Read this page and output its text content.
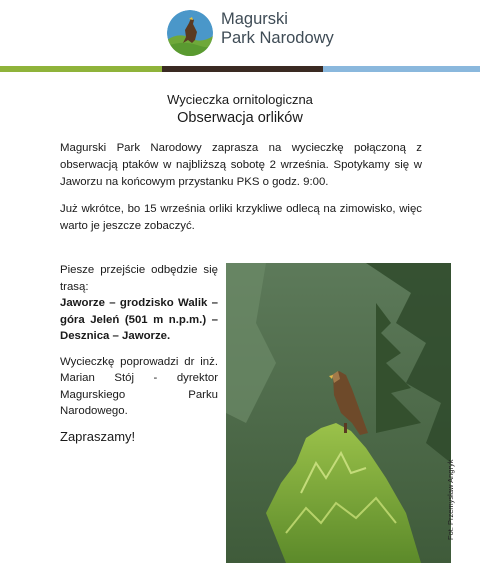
Magurski
Park Narodowy
Wycieczka ornitologiczna
Obserwacja orlików
Magurski Park Narodowy zaprasza na wycieczkę połączoną z obserwacją ptaków w najbliższą sobotę 2 września. Spotykamy się w Jaworzu na końcowym przystanku PKS o godz. 9:00.
Już wkrótce, bo 15 września orliki krzykliwe odlecą na zimowisko, więc warto je jeszcze zobaczyć.

Piesze przejście odbędzie się trasą:
Jaworze – grodzisko Walik – góra Jeleń (501 m n.p.m.) – Desznica – Jaworze.

Wycieczkę poprowadzi dr inż. Marian Stój - dyrektor Magurskiego Parku Narodowego.

Zapraszamy!

Fot. Przemysław Angryk
